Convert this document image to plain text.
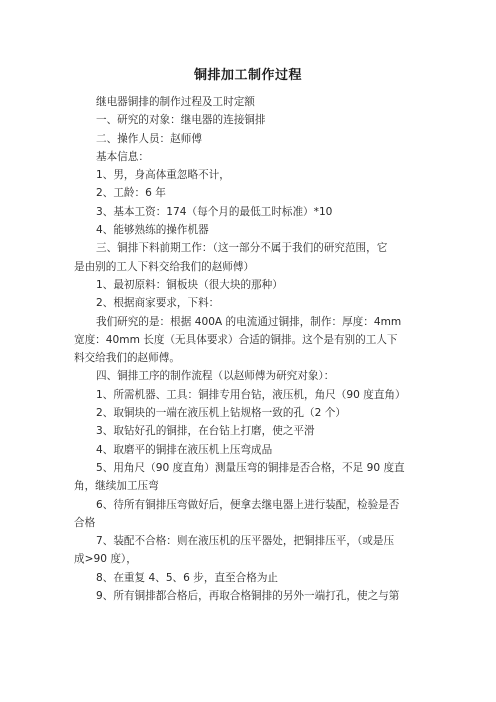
铜排加工制作过程
继电器铜排的制作过程及工时定额
一、研究的对象：继电器的连接铜排
二、操作人员：赵师傅
基本信息：
1、男，身高体重忽略不计，
2、工龄：6 年
3、基本工资：174（每个月的最低工时标准）*10
4、能够熟练的操作机器
三、铜排下料前期工作：（这一部分不属于我们的研究范围，它
是由别的工人下料交给我们的赵师傅）
1、最初原料：铜板块（很大块的那种）
2、根据商家要求，下料：
我们研究的是：根据 400A 的电流通过铜排，制作：厚度：4mm
宽度：40mm 长度（无具体要求）合适的铜排。这个是有别的工人下
料交给我们的赵师傅。
四、铜排工序的制作流程（以赵师傅为研究对象）：
1、所需机器、工具：铜排专用台钻，液压机，角尺（90 度直角）
2、取铜块的一端在液压机上钻规格一致的孔（2 个）
3、取钻好孔的铜排，在台钻上打磨，使之平滑
4、取磨平的铜排在液压机上压弯成品
5、用角尺（90 度直角）测量压弯的铜排是否合格，不足 90 度直
角，继续加工压弯
6、待所有铜排压弯做好后，便拿去继电器上进行装配，检验是否
合格
7、装配不合格：则在液压机的压平器处，把铜排压平，（或是压
成>90 度），
8、在重复 4、5、6 步，直至合格为止
9、所有铜排都合格后，再取合格铜排的另外一端打孔，使之与第
